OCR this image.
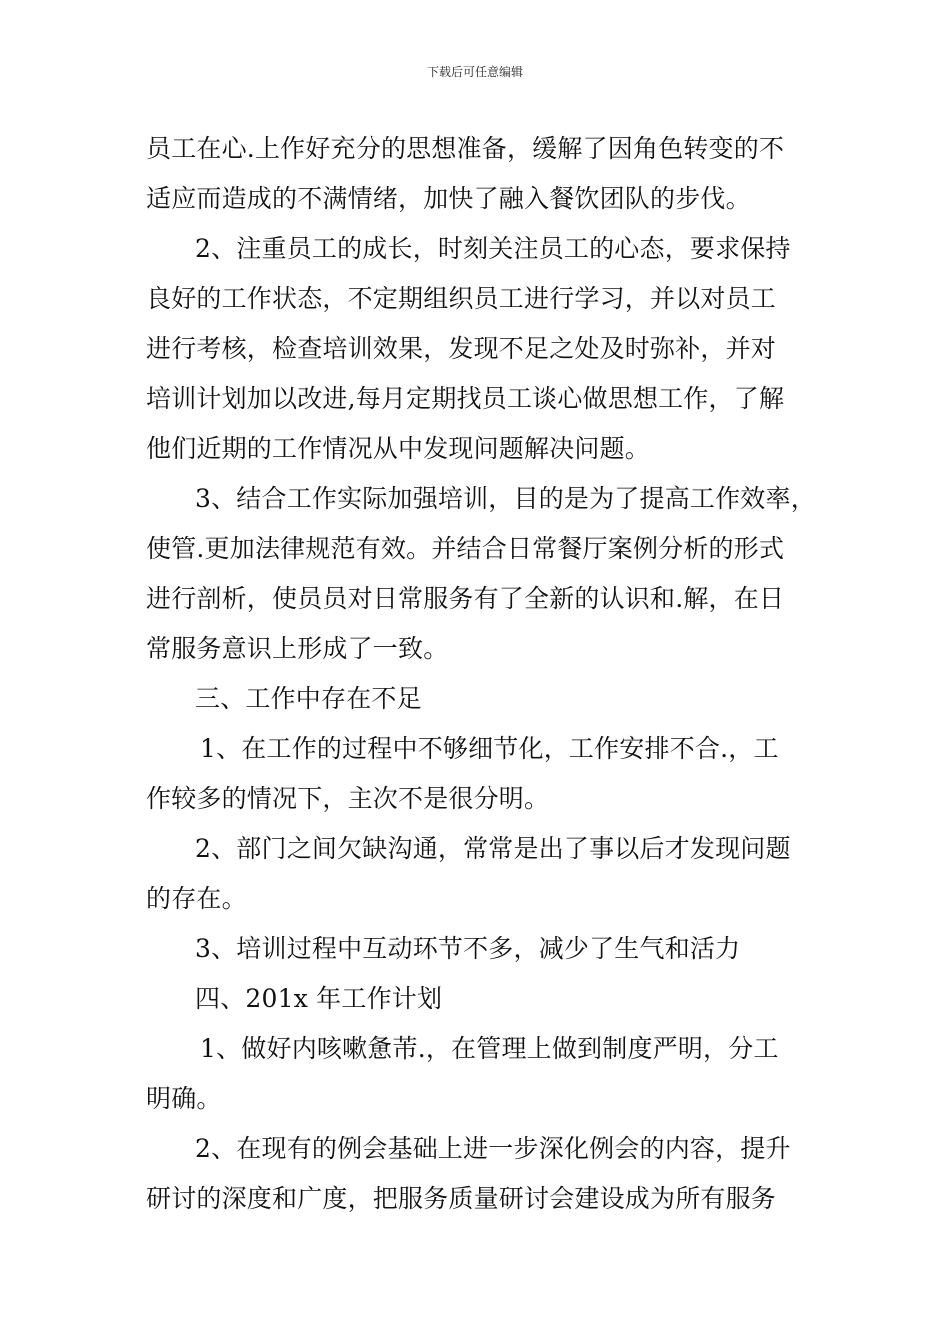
下载后可任意编辑
员工在心.上作好充分的思想准备，缓解了因角色转变的不
适应而造成的不满情绪，加快了融入餐饮团队的步伐。
2、注重员工的成长，时刻关注员工的心态，要求保持
良好的工作状态，不定期组织员工进行学习，并以对员工
进行考核，检查培训效果，发现不足之处及时弥补，并对
培训计划加以改进,每月定期找员工谈心做思想工作，了解
他们近期的工作情况从中发现问题解决问题。
3、结合工作实际加强培训，目的是为了提高工作效率，
使管.更加法律规范有效。并结合日常餐厅案例分析的形式
进行剖析，使员员对日常服务有了全新的认识和.解，在日
常服务意识上形成了一致。
三、工作中存在不足
1、在工作的过程中不够细节化，工作安排不合.，工
作较多的情况下，主次不是很分明。
2、部门之间欠缺沟通，常常是出了事以后才发现问题
的存在。
3、培训过程中互动环节不多，减少了生气和活力
四、201x 年工作计划
1、做好内咳嗽惫芾.，在管理上做到制度严明，分工
明确。
2、在现有的例会基础上进一步深化例会的内容，提升
研讨的深度和广度，把服务质量研讨会建设成为所有服务
